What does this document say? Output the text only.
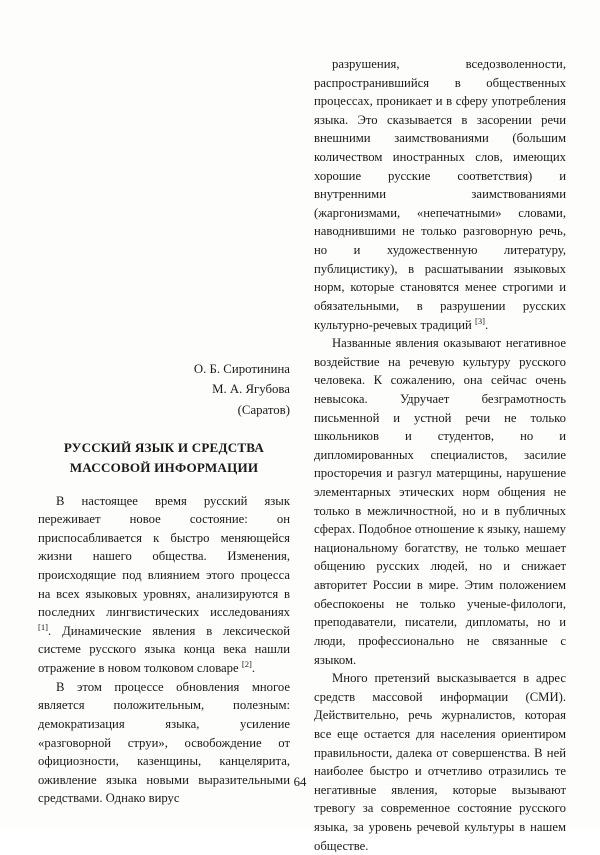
О. Б. Сиротинина
М. А. Ягубова
(Саратов)
РУССКИЙ ЯЗЫК И СРЕДСТВА
МАССОВОЙ ИНФОРМАЦИИ

В настоящее время русский язык переживает новое состояние: он приспосабливается к быстро меняющейся жизни нашего общества. Изменения, происходящие под влиянием этого процесса на всех языковых уровнях, анализируются в последних лингвистических исследованиях [1]. Динамические явления в лексической системе русского языка конца века нашли отражение в новом толковом словаре [2].

В этом процессе обновления многое является положительным, полезным: демократизация языка, усиление «разговорной струи», освобождение от официозности, казенщины, канцелярита, оживление языка новыми выразительными средствами. Однако вирус

разрушения, вседозволенности, распространившийся в общественных процессах, проникает и в сферу употребления языка. Это сказывается в засорении речи внешними заимствованиями (большим количеством иностранных слов, имеющих хорошие русские соответствия) и внутренними заимствованиями (жаргонизмами, «непечатными» словами, наводнившими не только разговорную речь, но и художественную литературу, публицистику), в расшатывании языковых норм, которые становятся менее строгими и обязательными, в разрушении русских культурно-речевых традиций [3].

Названные явления оказывают негативное воздействие на речевую культуру русского человека. К сожалению, она сейчас очень невысока. Удручает безграмотность письменной и устной речи не только школьников и студентов, но и дипломированных специалистов, засилие просторечия и разгул матерщины, нарушение элементарных этических норм общения не только в межличностной, но и в публичных сферах. Подобное отношение к языку, нашему национальному богатству, не только мешает общению русских людей, но и снижает авторитет России в мире. Этим положением обеспокоены не только ученые-филологи, преподаватели, писатели, дипломаты, но и люди, профессионально не связанные с языком.

Много претензий высказывается в адрес средств массовой информации (СМИ). Действительно, речь журналистов, которая все еще остается для населения ориентиром правильности, далека от совершенства. В ней наиболее быстро и отчетливо отразились те негативные явления, которые вызывают тревогу за современное состояние русского языка, за уровень речевой культуры в нашем обществе.

64
